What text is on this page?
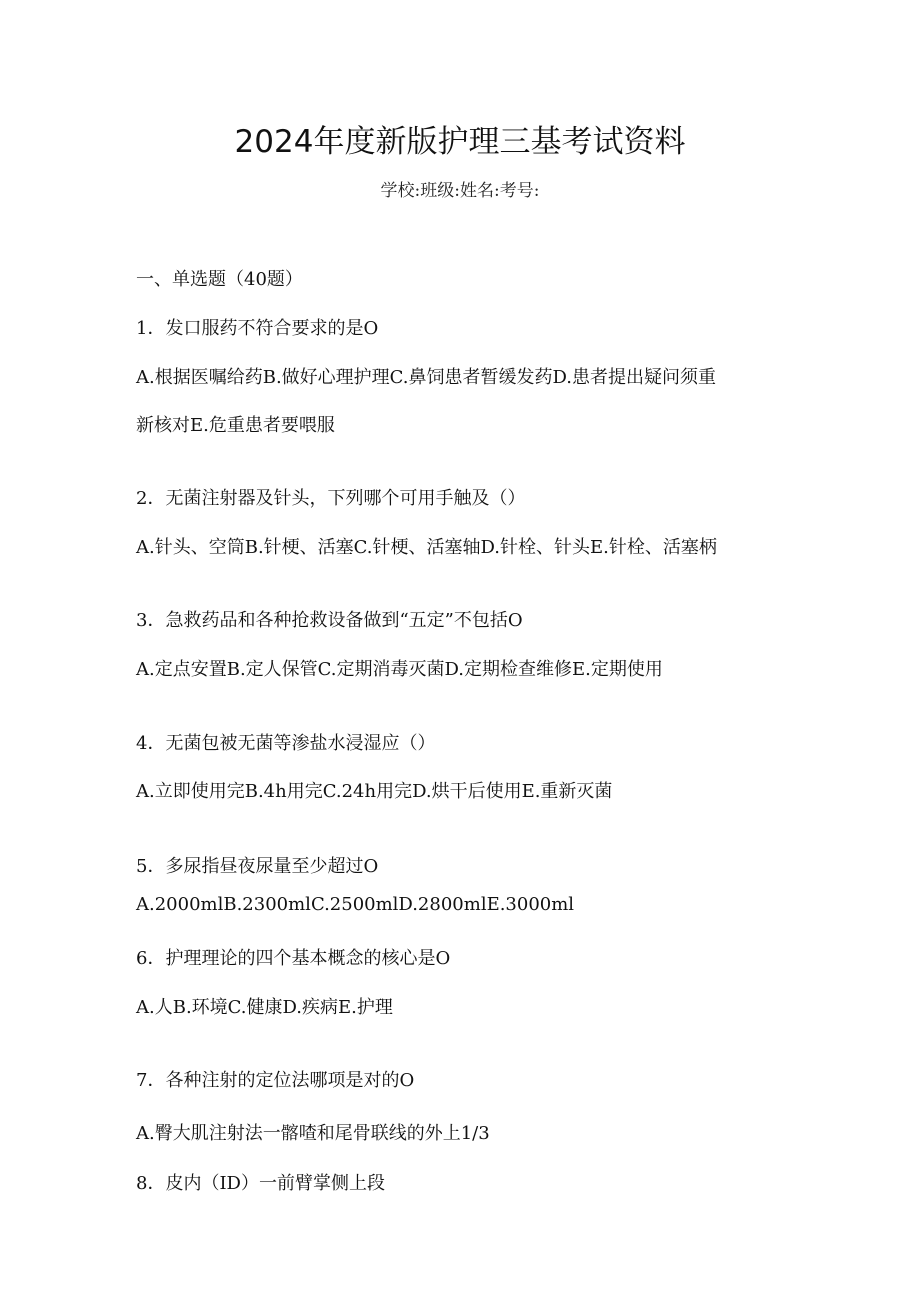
2024年度新版护理三基考试资料
学校:班级:姓名:考号:
一、单选题（40题）
1．发口服药不符合要求的是O
A.根据医嘱给药B.做好心理护理C.鼻饲患者暂缓发药D.患者提出疑问须重
新核对E.危重患者要喂服
2．无菌注射器及针头，下列哪个可用手触及（）
A.针头、空筒B.针梗、活塞C.针梗、活塞轴D.针栓、针头E.针栓、活塞柄
3．急救药品和各种抢救设备做到“五定”不包括O
A.定点安置B.定人保管C.定期消毒灭菌D.定期检查维修E.定期使用
4．无菌包被无菌等渗盐水浸湿应（）
A.立即使用完B.4h用完C.24h用完D.烘干后使用E.重新灭菌
5．多尿指昼夜尿量至少超过O
A.2000mlB.2300mlC.2500mlD.2800mlE.3000ml
6．护理理论的四个基本概念的核心是O
A.人B.环境C.健康D.疾病E.护理
7．各种注射的定位法哪项是对的O
A.臀大肌注射法一髂喳和尾骨联线的外上1/3
8．皮内（ID）一前臂掌侧上段
